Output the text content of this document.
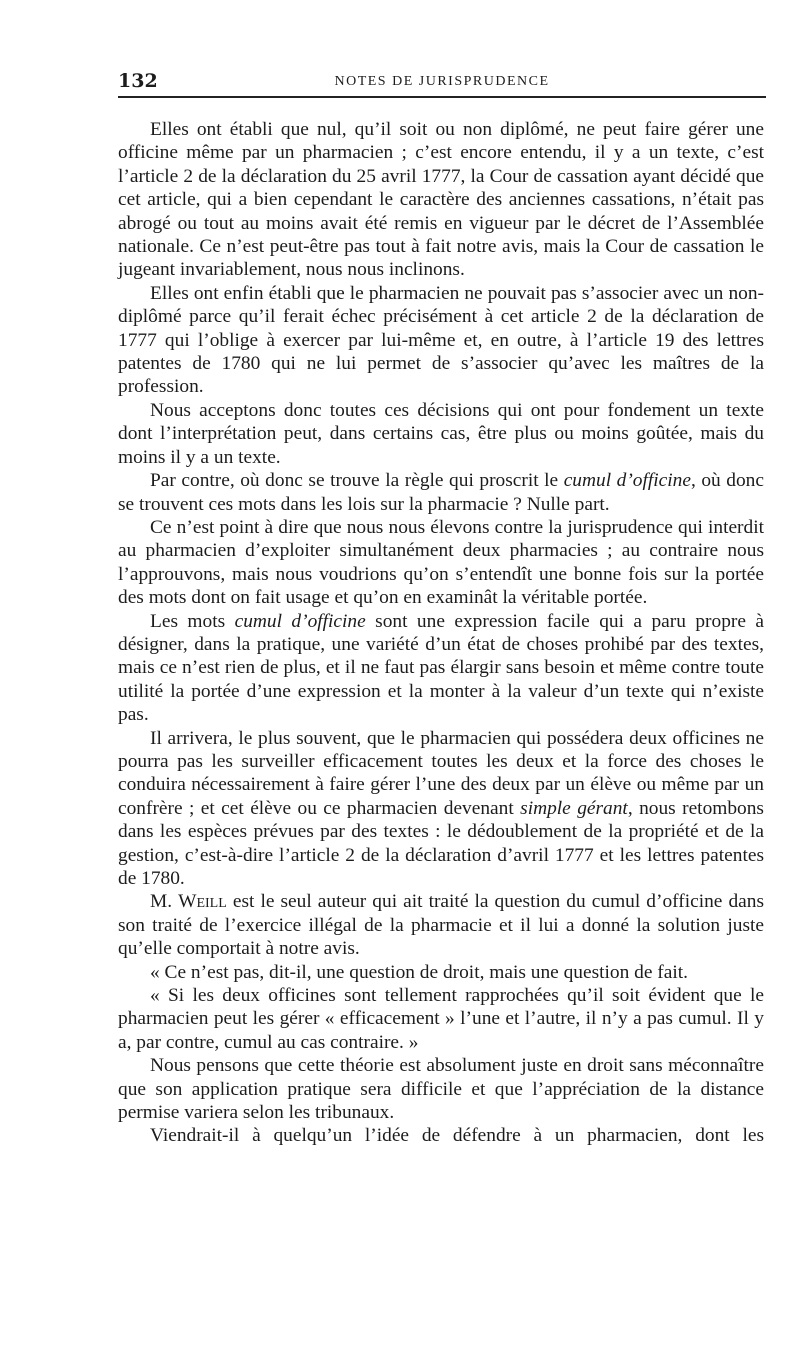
132	NOTES DE JURISPRUDENCE

Elles ont établi que nul, qu’il soit ou non diplômé, ne peut faire gérer une officine même par un pharmacien ; c’est encore entendu, il y a un texte, c’est l’article 2 de la déclaration du 25 avril 1777, la Cour de cassation ayant décidé que cet article, qui a bien cependant le caractère des anciennes cassations, n’était pas abrogé ou tout au moins avait été remis en vigueur par le décret de l’Assemblée nationale. Ce n’est peut-être pas tout à fait notre avis, mais la Cour de cassation le jugeant invariablement, nous nous inclinons.

Elles ont enfin établi que le pharmacien ne pouvait pas s’associer avec un non-diplômé parce qu’il ferait échec précisément à cet article 2 de la déclaration de 1777 qui l’oblige à exercer par lui-même et, en outre, à l’article 19 des lettres patentes de 1780 qui ne lui permet de s’associer qu’avec les maîtres de la profession.

Nous acceptons donc toutes ces décisions qui ont pour fondement un texte dont l’interprétation peut, dans certains cas, être plus ou moins goûtée, mais du moins il y a un texte.

Par contre, où donc se trouve la règle qui proscrit le cumul d’officine, où donc se trouvent ces mots dans les lois sur la pharmacie ? Nulle part.

Ce n’est point à dire que nous nous élevons contre la jurisprudence qui interdit au pharmacien d’exploiter simultanément deux pharmacies ; au contraire nous l’approuvons, mais nous voudrions qu’on s’entendît une bonne fois sur la portée des mots dont on fait usage et qu’on en examinât la véritable portée.

Les mots cumul d’officine sont une expression facile qui a paru propre à désigner, dans la pratique, une variété d’un état de choses prohibé par des textes, mais ce n’est rien de plus, et il ne faut pas élargir sans besoin et même contre toute utilité la portée d’une expression et la monter à la valeur d’un texte qui n’existe pas.

Il arrivera, le plus souvent, que le pharmacien qui possédera deux officines ne pourra pas les surveiller efficacement toutes les deux et la force des choses le conduira nécessairement à faire gérer l’une des deux par un élève ou même par un confrère ; et cet élève ou ce pharmacien devenant simple gérant, nous retombons dans les espèces prévues par des textes : le dédoublement de la propriété et de la gestion, c’est-à-dire l’article 2 de la déclaration d’avril 1777 et les lettres patentes de 1780.

M. Weill est le seul auteur qui ait traité la question du cumul d’officine dans son traité de l’exercice illégal de la pharmacie et il lui a donné la solution juste qu’elle comportait à notre avis.

« Ce n’est pas, dit-il, une question de droit, mais une question de fait.

« Si les deux officines sont tellement rapprochées qu’il soit évident que le pharmacien peut les gérer « efficacement » l’une et l’autre, il n’y a pas cumul. Il y a, par contre, cumul au cas contraire. »

Nous pensons que cette théorie est absolument juste en droit sans méconnaître que son application pratique sera difficile et que l’appréciation de la distance permise variera selon les tribunaux.

Viendrait-il à quelqu’un l’idée de défendre à un pharmacien, dont les
